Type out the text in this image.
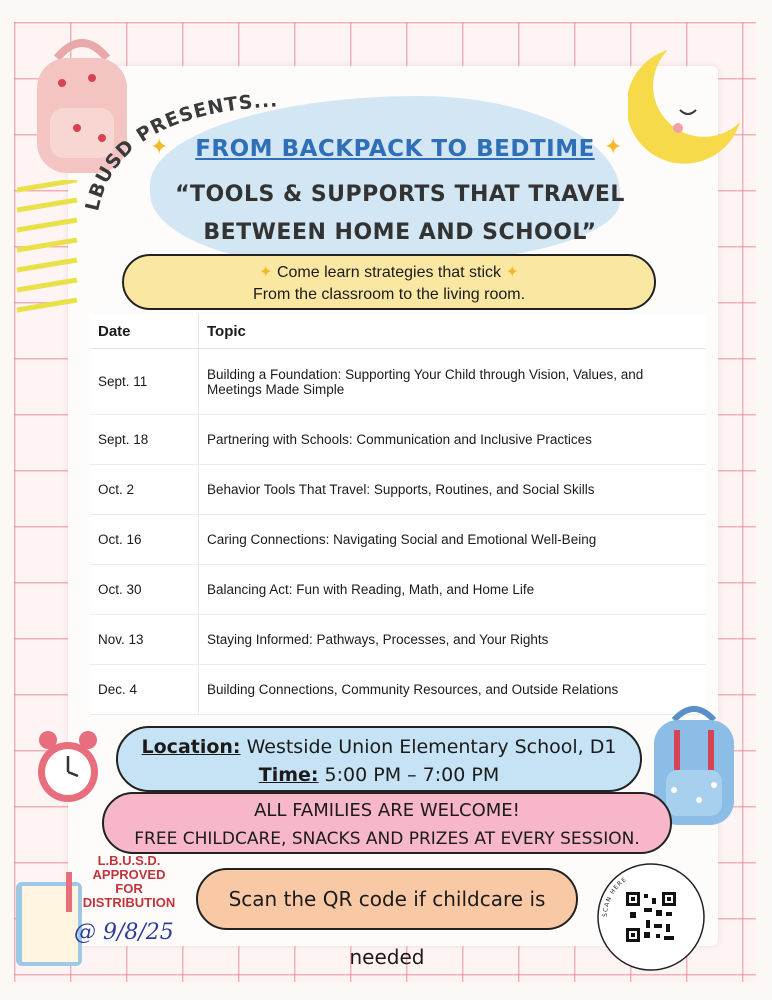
LBUSD PRESENTS...
✦	FROM BACKPACK TO BEDTIME ✦
“TOOLS & SUPPORTS THAT TRAVEL
BETWEEN HOME AND SCHOOL”
✦ Come learn strategies that stick ✦
From the classroom to the living room.
Date	Topic
Sept. 11	Building a Foundation: Supporting Your Child through Vision, Values, and Meetings Made Simple
Sept. 18	Partnering with Schools: Communication and Inclusive Practices
Oct. 2	Behavior Tools That Travel: Supports, Routines, and Social Skills
Oct. 16	Caring Connections: Navigating Social and Emotional Well-Being
Oct. 30	Balancing Act: Fun with Reading, Math, and Home Life
Nov. 13	Staying Informed: Pathways, Processes, and Your Rights
Dec. 4	Building Connections, Community Resources, and Outside Relations
Location: Westside Union Elementary School, D1
Time: 5:00 PM – 7:00 PM
ALL FAMILIES ARE WELCOME!
FREE CHILDCARE, SNACKS AND PRIZES AT EVERY SESSION.
L.B.U.S.D.
APPROVED
FOR DISTRIBUTION
@ 9/8/25
Scan the QR code if childcare is needed
SCAN HERE
